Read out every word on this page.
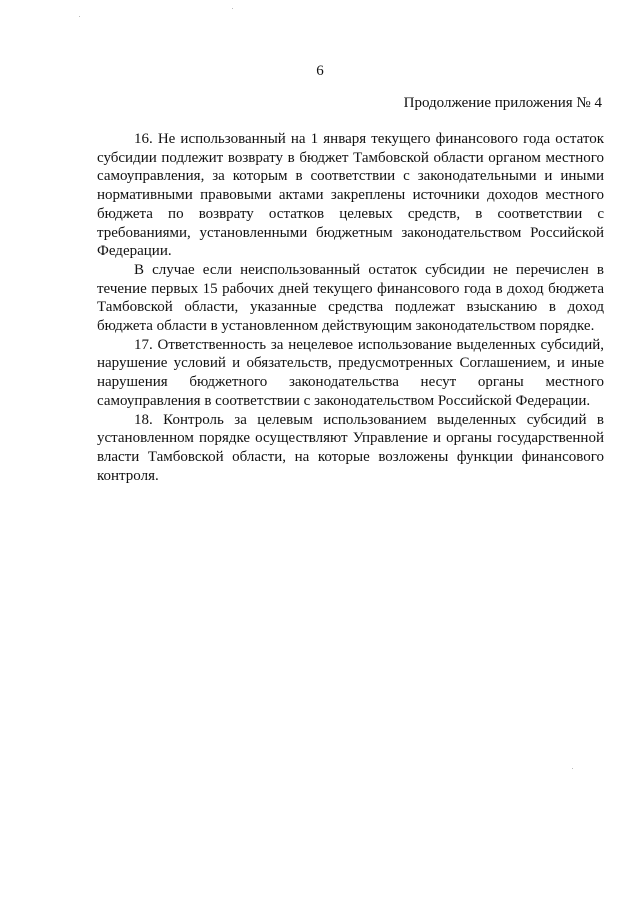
6
Продолжение приложения № 4

16. Не использованный на 1 января текущего финансового года остаток субсидии подлежит возврату в бюджет Тамбовской области органом местного самоуправления, за которым в соответствии с законодательными и иными нормативными правовыми актами закреплены источники доходов местного бюджета по возврату остатков целевых средств, в соответствии с требованиями, установленными бюджетным законодательством Российской Федерации.

В случае если неиспользованный остаток субсидии не перечислен в течение первых 15 рабочих дней текущего финансового года в доход бюджета Тамбовской области, указанные средства подлежат взысканию в доход бюджета области в установленном действующим законодательством порядке.

17. Ответственность за нецелевое использование выделенных субсидий, нарушение условий и обязательств, предусмотренных Соглашением, и иные нарушения бюджетного законодательства несут органы местного самоуправления в соответствии с законодательством Российской Федерации.

18. Контроль за целевым использованием выделенных субсидий в установленном порядке осуществляют Управление и органы государственной власти Тамбовской области, на которые возложены функции финансового контроля.
